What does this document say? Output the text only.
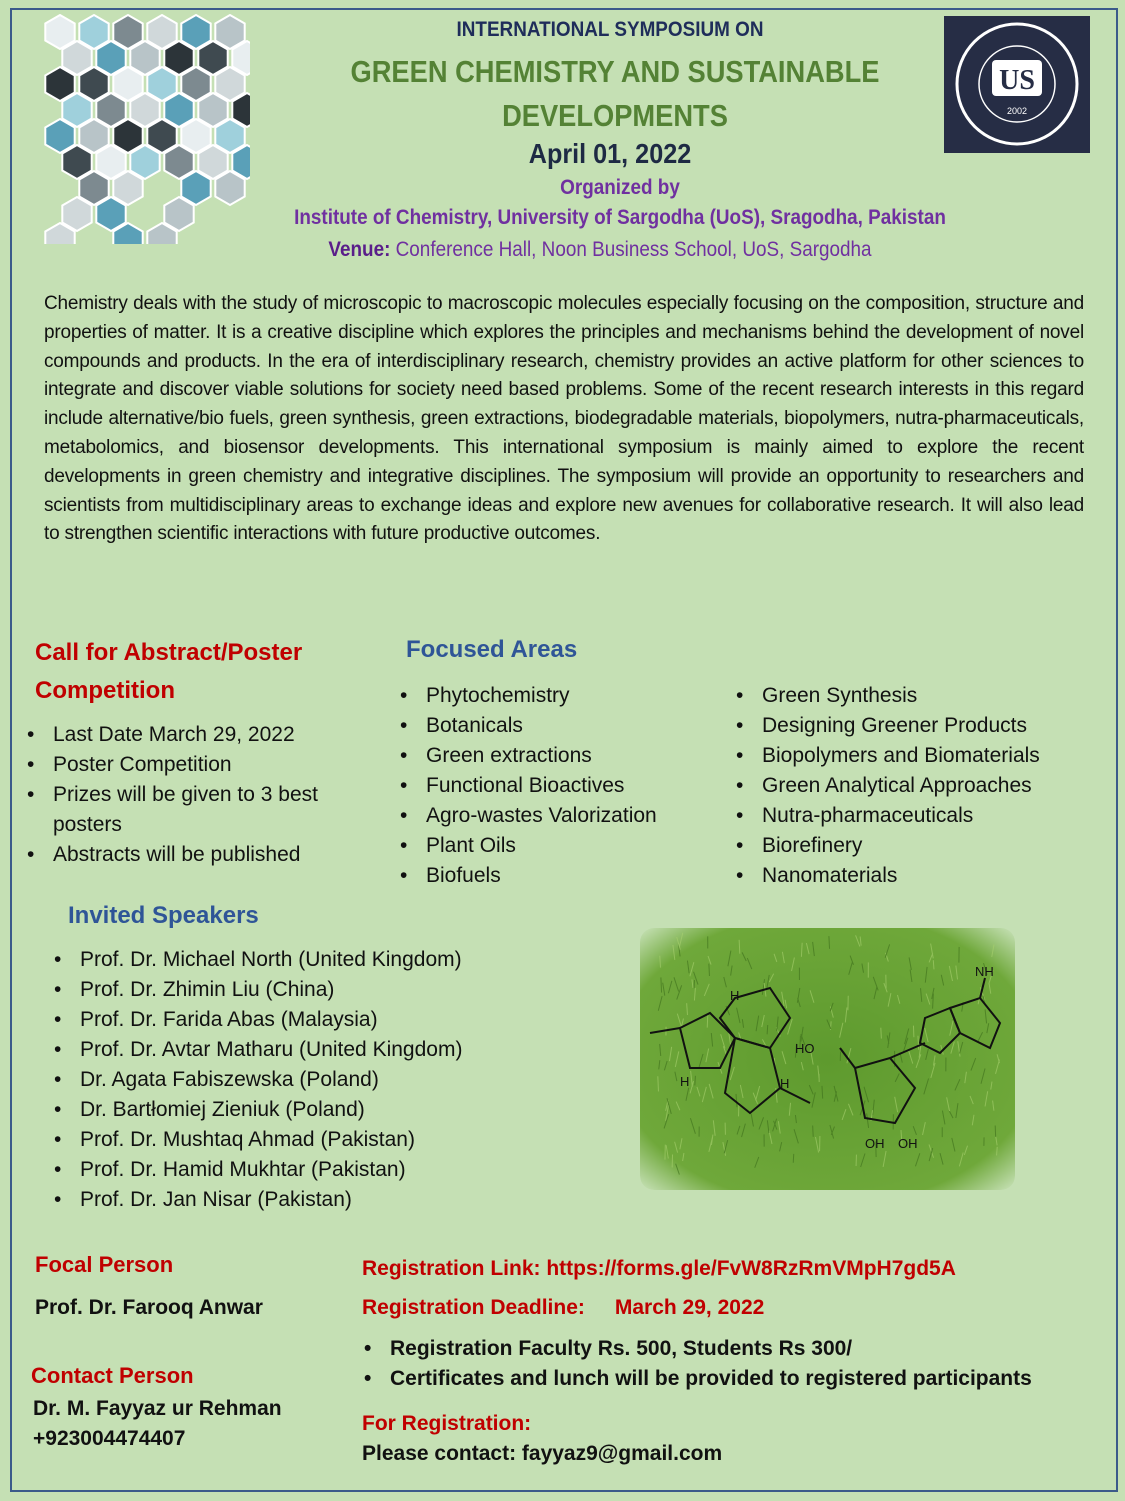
INTERNATIONAL SYMPOSIUM ON
GREEN CHEMISTRY AND SUSTAINABLE DEVELOPMENTS
April 01, 2022
Organized by
Institute of Chemistry, University of Sargodha (UoS), Sragodha, Pakistan
Venue: Conference Hall, Noon Business School, UoS, Sargodha
US
2002
Chemistry deals with the study of microscopic to macroscopic molecules especially focusing on the composition, structure and properties of matter. It is a creative discipline which explores the principles and mechanisms behind the development of novel compounds and products. In the era of interdisciplinary research, chemistry provides an active platform for other sciences to integrate and discover viable solutions for society need based problems. Some of the recent research interests in this regard include alternative/bio fuels, green synthesis, green extractions, biodegradable materials, biopolymers, nutra-pharmaceuticals, metabolomics, and biosensor developments. This international symposium is mainly aimed to explore the recent developments in green chemistry and integrative disciplines. The symposium will provide an opportunity to researchers and scientists from multidisciplinary areas to exchange ideas and explore new avenues for collaborative research. It will also lead to strengthen scientific interactions with future productive outcomes.
Call for Abstract/Poster Competition
• Last Date March 29, 2022
• Poster Competition
• Prizes will be given to 3 best posters
• Abstracts will be published
Focused Areas
• Phytochemistry
• Botanicals
• Green extractions
• Functional Bioactives
• Agro-wastes Valorization
• Plant Oils
• Biofuels
• Green Synthesis
• Designing Greener Products
• Biopolymers and Biomaterials
• Green Analytical Approaches
• Nutra-pharmaceuticals
• Biorefinery
• Nanomaterials
Invited Speakers
• Prof. Dr. Michael North (United Kingdom)
• Prof. Dr. Zhimin Liu (China)
• Prof. Dr. Farida Abas (Malaysia)
• Prof. Dr. Avtar Matharu (United Kingdom)
• Dr. Agata Fabiszewska (Poland)
• Dr. Bartłomiej Zieniuk (Poland)
• Prof. Dr. Mushtaq Ahmad (Pakistan)
• Prof. Dr. Hamid Mukhtar (Pakistan)
• Prof. Dr. Jan Nisar (Pakistan)
NH
HO
OH OH
H
H	H
Focal Person
Prof. Dr. Farooq Anwar
Contact Person
Dr. M. Fayyaz ur Rehman
+923004474407
Registration Link: https://forms.gle/FvW8RzRmVMpH7gd5A
Registration Deadline: March 29, 2022
• Registration Faculty Rs. 500, Students Rs 300/
• Certificates and lunch will be provided to registered participants
For Registration:
Please contact: fayyaz9@gmail.com
